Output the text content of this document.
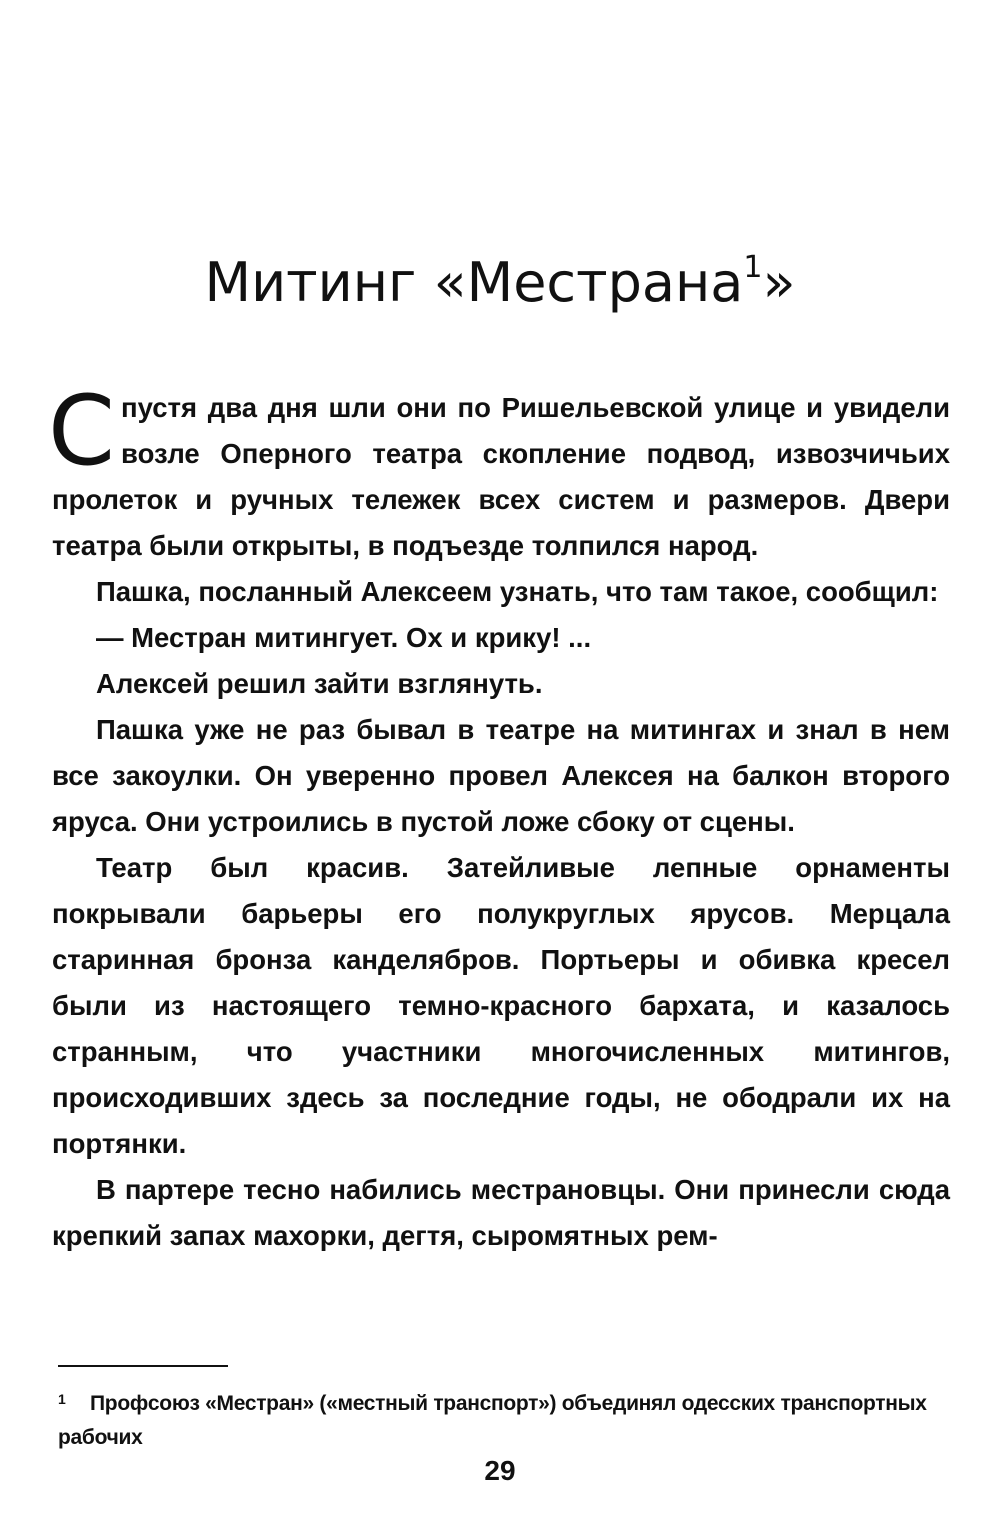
Митинг «Местрана$^1$»

Спустя два дня шли они по Ришельевской улице и увидели возле Оперного театра скопление подвод, извозчичьих пролеток и ручных тележек всех систем и размеров. Двери театра были открыты, в подъезде толпился народ.

Пашка, посланный Алексеем узнать, что там такое, сообщил:

— Местран митингует. Ох и крику! ...

Алексей решил зайти взглянуть.

Пашка уже не раз бывал в театре на митингах и знал в нем все закоулки. Он уверенно провел Алексея на балкон второго яруса. Они устроились в пустой ложе сбоку от сцены.

Театр был красив. Затейливые лепные орнаменты покрывали барьеры его полукруглых ярусов. Мерцала старинная бронза канделябров. Портьеры и обивка кресел были из настоящего темно-красного бархата, и казалось странным, что участники многочисленных митингов, происходивших здесь за последние годы, не ободрали их на портянки.

В партере тесно набились местрановцы. Они принесли сюда крепкий запах махорки, дегтя, сыромятных рем-

1 Профсоюз «Местран» («местный транспорт») объединял одесских транспортных рабочих

29
